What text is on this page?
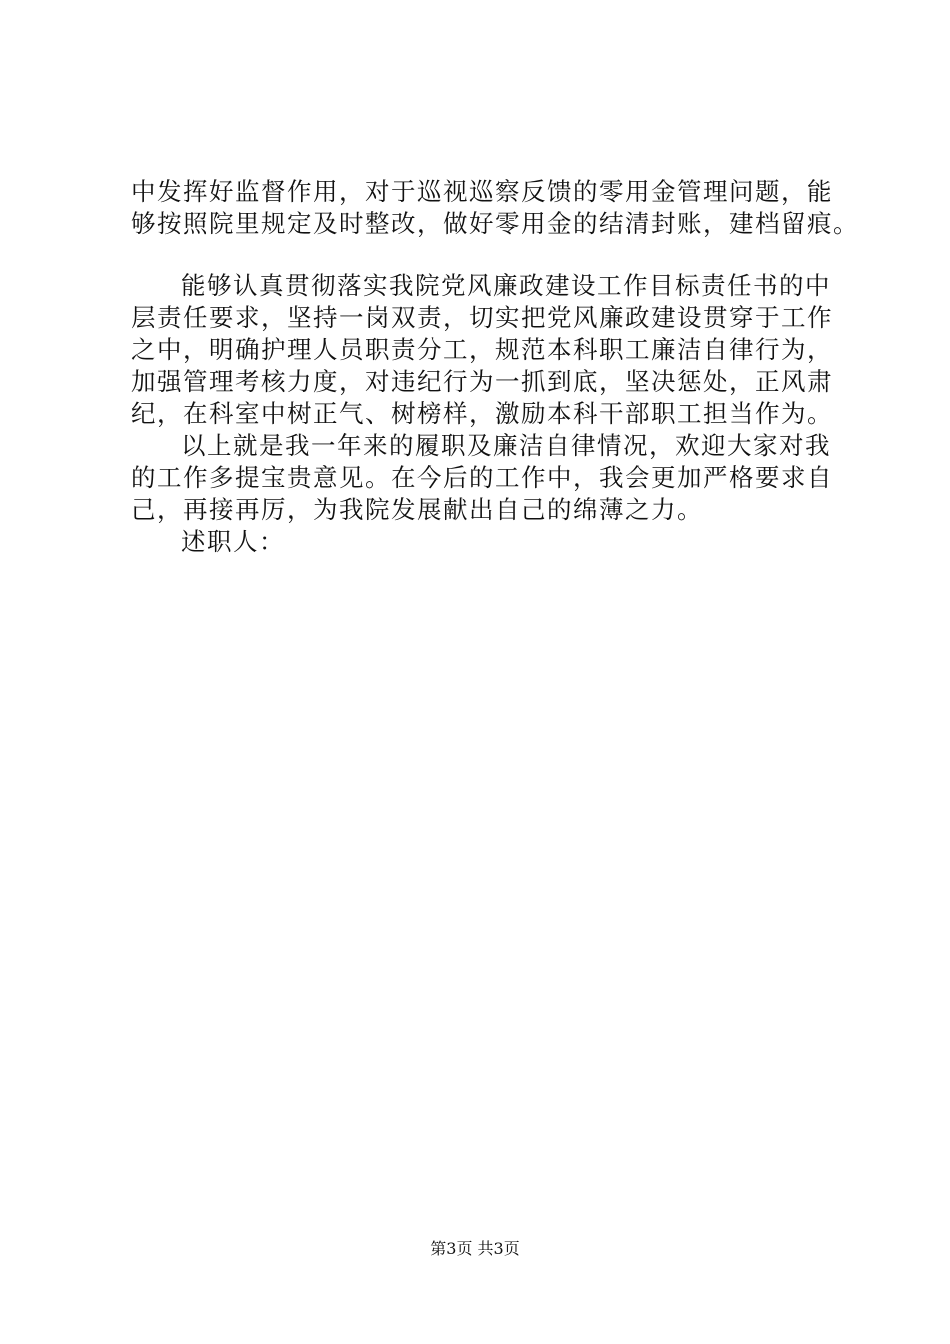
中发挥好监督作用，对于巡视巡察反馈的零用金管理问题，能
够按照院里规定及时整改，做好零用金的结清封账，建档留痕。
能够认真贯彻落实我院党风廉政建设工作目标责任书的中
层责任要求，坚持一岗双责，切实把党风廉政建设贯穿于工作
之中，明确护理人员职责分工，规范本科职工廉洁自律行为，
加强管理考核力度，对违纪行为一抓到底，坚决惩处，正风肃
纪，在科室中树正气、树榜样，激励本科干部职工担当作为。
以上就是我一年来的履职及廉洁自律情况，欢迎大家对我
的工作多提宝贵意见。在今后的工作中，我会更加严格要求自
己，再接再厉，为我院发展献出自己的绵薄之力。
述职人：
第3页 共3页
